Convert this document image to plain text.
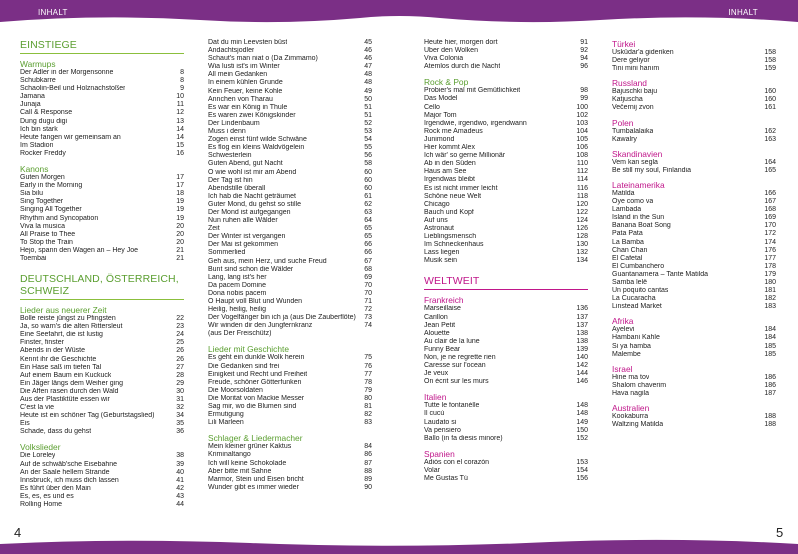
INHALT	INHALT
4	5
EINSTIEGE
Warmups
Der Adler in der Morgensonne	8
Schubkarre	8
Schaolin-Beil und Holznachstoßer	9
Jamana	10
Junaja	11
Call & Response	12
Dung dugu digi	13
Ich bin stark	14
Heute fangen wir gemeinsam an	14
Im Stadion	15
Rocker Freddy	16
Kanons
Guten Morgen	17
Early in the Morning	17
Sia bilu	18
Sing Together	19
Singing All Together	19
Rhythm and Syncopation	19
Viva la musica	20
All Praise to Thee	20
To Stop the Train	20
Hejo, spann den Wagen an – Hey Joe	21
Toembai	21
DEUTSCHLAND, ÖSTERREICH, SCHWEIZ
Lieder aus neuerer Zeit
Bolle reiste jüngst zu Pfingsten	22
Ja, so warn's die alten Rittersleut	23
Eine Seefahrt, die ist lustig	24
Finster, finster	25
Abends in der Wüste	26
Kennt ihr die Geschichte	26
Ein Hase saß im tiefen Tal	27
Auf einem Baum ein Kuckuck	28
Ein Jäger längs dem Weiher ging	29
Die Affen rasen durch den Wald	30
Aus der Plastiktüte essen wir	31
C'est la vie	32
Heute ist ein schöner Tag (Geburtstagslied)	34
Eis	35
Schade, dass du gehst	36
Volkslieder
Die Loreley	38
Auf de schwäb'sche Eisebahne	39
An der Saale hellem Strande	40
Innsbruck, ich muss dich lassen	41
Es führt über den Main	42
Es, es, es und es	43
Rolling Home	44
Dat du min Leevsten büst	45
Andachtsjodler	46
Schaut's man niat o (Da Zimmamo)	46
Wia lusti ist's im Winter	47
All mein Gedanken	48
In einem kühlen Grunde	48
Kein Feuer, keine Kohle	49
Ännchen von Tharau	50
Es war ein König in Thule	51
Es waren zwei Königskinder	51
Der Lindenbaum	52
Muss i denn	53
Zogen einst fünf wilde Schwäne	54
Es flog ein kleins Waldvögelein	55
Schwesterlein	56
Guten Abend, gut Nacht	58
O wie wohl ist mir am Abend	60
Der Tag ist hin	60
Abendstille überall	60
Ich hab die Nacht geträumet	61
Guter Mond, du gehst so stille	62
Der Mond ist aufgegangen	63
Nun ruhen alle Wälder	64
Zeit	65
Der Winter ist vergangen	65
Der Mai ist gekommen	66
Sommerlied	66
Geh aus, mein Herz, und suche Freud	67
Bunt sind schon die Wälder	68
Lang, lang ist's her	69
Da pacem Domine	70
Dona nobis pacem	70
O Haupt voll Blut und Wunden	71
Heilig, heilig, heilig	72
Der Vogelfänger bin ich ja (aus Die Zauberflöte)	73
Wir winden dir den Jungfernkranz	74
(aus Der Freischütz)
Lieder mit Geschichte
Es geht ein dunkle Wolk herein	75
Die Gedanken sind frei	76
Einigkeit und Recht und Freiheit	77
Freude, schöner Götterfunken	78
Die Moorsoldaten	79
Die Moritat von Mackie Messer	80
Sag mir, wo die Blumen sind	81
Ermutigung	82
Lili Marleen	83
Schlager & Liedermacher
Mein kleiner grüner Kaktus	84
Kriminaltango	86
Ich will keine Schokolade	87
Aber bitte mit Sahne	88
Marmor, Stein und Eisen bricht	89
Wunder gibt es immer wieder	90
Heute hier, morgen dort	91
Über den Wolken	92
Viva Colonia	94
Atemlos durch die Nacht	96
Rock & Pop
Probier's mal mit Gemütlichkeit	98
Das Model	99
Cello	100
Major Tom	102
Irgendwie, irgendwo, irgendwann	103
Rock me Amadeus	104
Junimond	105
Hier kommt Alex	106
Ich wär' so gerne Millionär	108
Ab in den Süden	110
Haus am See	112
Irgendwas bleibt	114
Es ist nicht immer leicht	116
Schöne neue Welt	118
Chicago	120
Bauch und Kopf	122
Auf uns	124
Astronaut	126
Lieblingsmensch	128
Im Schneckenhaus	130
Lass liegen	132
Musik sein	134
WELTWEIT
Frankreich
Marseillaise	136
Carillon	137
Jean Petit	137
Alouette	138
Au clair de la lune	138
Funny Bear	139
Non, je ne regrette rien	140
Caresse sur l'ocean	142
Je veux	144
On écrit sur les murs	146
Italien
Tutte le fontanèlle	148
Il cucù	148
Laudato si	149
Va pensiero	150
Ballo (in fa diesis minore)	152
Spanien
Adiós con el corazón	153
Volar	154
Me Gustas Tú	156
Türkei
Üsküdar'a gideriken	158
Dere geliyor	158
Tini mini hanım	159
Russland
Bajuschki baju	160
Katjuscha	160
Večernij zvon	161
Polen
Tumbalalaika	162
Kawalry	163
Skandinavien
Vem kan segla	164
Be still my soul, Finlandia	165
Lateinamerika
Matilda	166
Oye como va	167
Lambada	168
Island in the Sun	169
Banana Boat Song	170
Pata Pata	172
La Bamba	174
Chan Chan	176
El Cafetal	177
El Cumbanchero	178
Guantanamera – Tante Matilda	179
Samba lelê	180
Un poquito cantas	181
La Cucaracha	182
Linstead Market	183
Afrika
Ayelevi	184
Hambani Kahle	184
Si ya hamba	185
Malembe	185
Israel
Hine ma tov	186
Shalom chaverim	186
Hava nagila	187
Australien
Kookaburra	188
Waltzing Matilda	188
